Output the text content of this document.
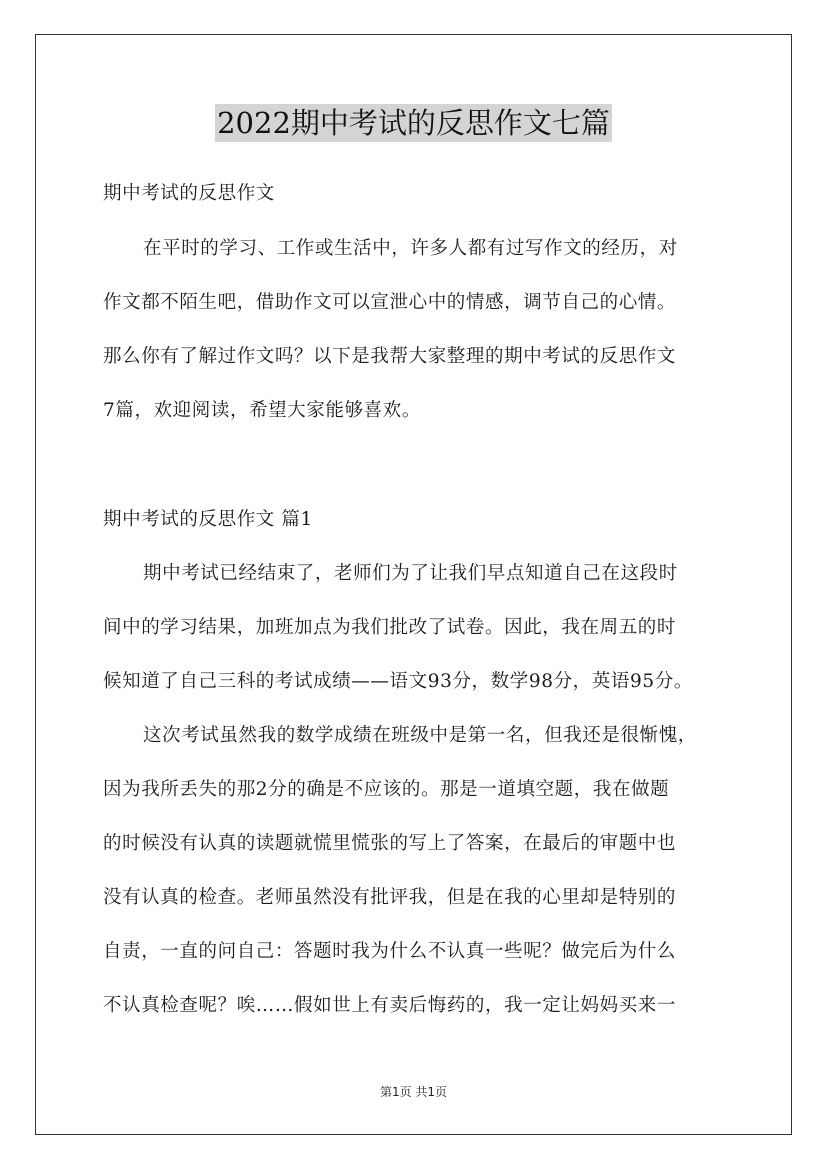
2022期中考试的反思作文七篇
期中考试的反思作文
在平时的学习、工作或生活中，许多人都有过写作文的经历，对
作文都不陌生吧，借助作文可以宣泄心中的情感，调节自己的心情。
那么你有了解过作文吗？以下是我帮大家整理的期中考试的反思作文
7篇，欢迎阅读，希望大家能够喜欢。
期中考试的反思作文 篇1
期中考试已经结束了，老师们为了让我们早点知道自己在这段时
间中的学习结果，加班加点为我们批改了试卷。因此，我在周五的时
候知道了自己三科的考试成绩——语文93分，数学98分，英语95分。
这次考试虽然我的数学成绩在班级中是第一名，但我还是很惭愧，
因为我所丢失的那2分的确是不应该的。那是一道填空题，我在做题
的时候没有认真的读题就慌里慌张的写上了答案，在最后的审题中也
没有认真的检查。老师虽然没有批评我，但是在我的心里却是特别的
自责，一直的问自己：答题时我为什么不认真一些呢？做完后为什么
不认真检查呢？唉……假如世上有卖后悔药的，我一定让妈妈买来一
第1页 共1页
